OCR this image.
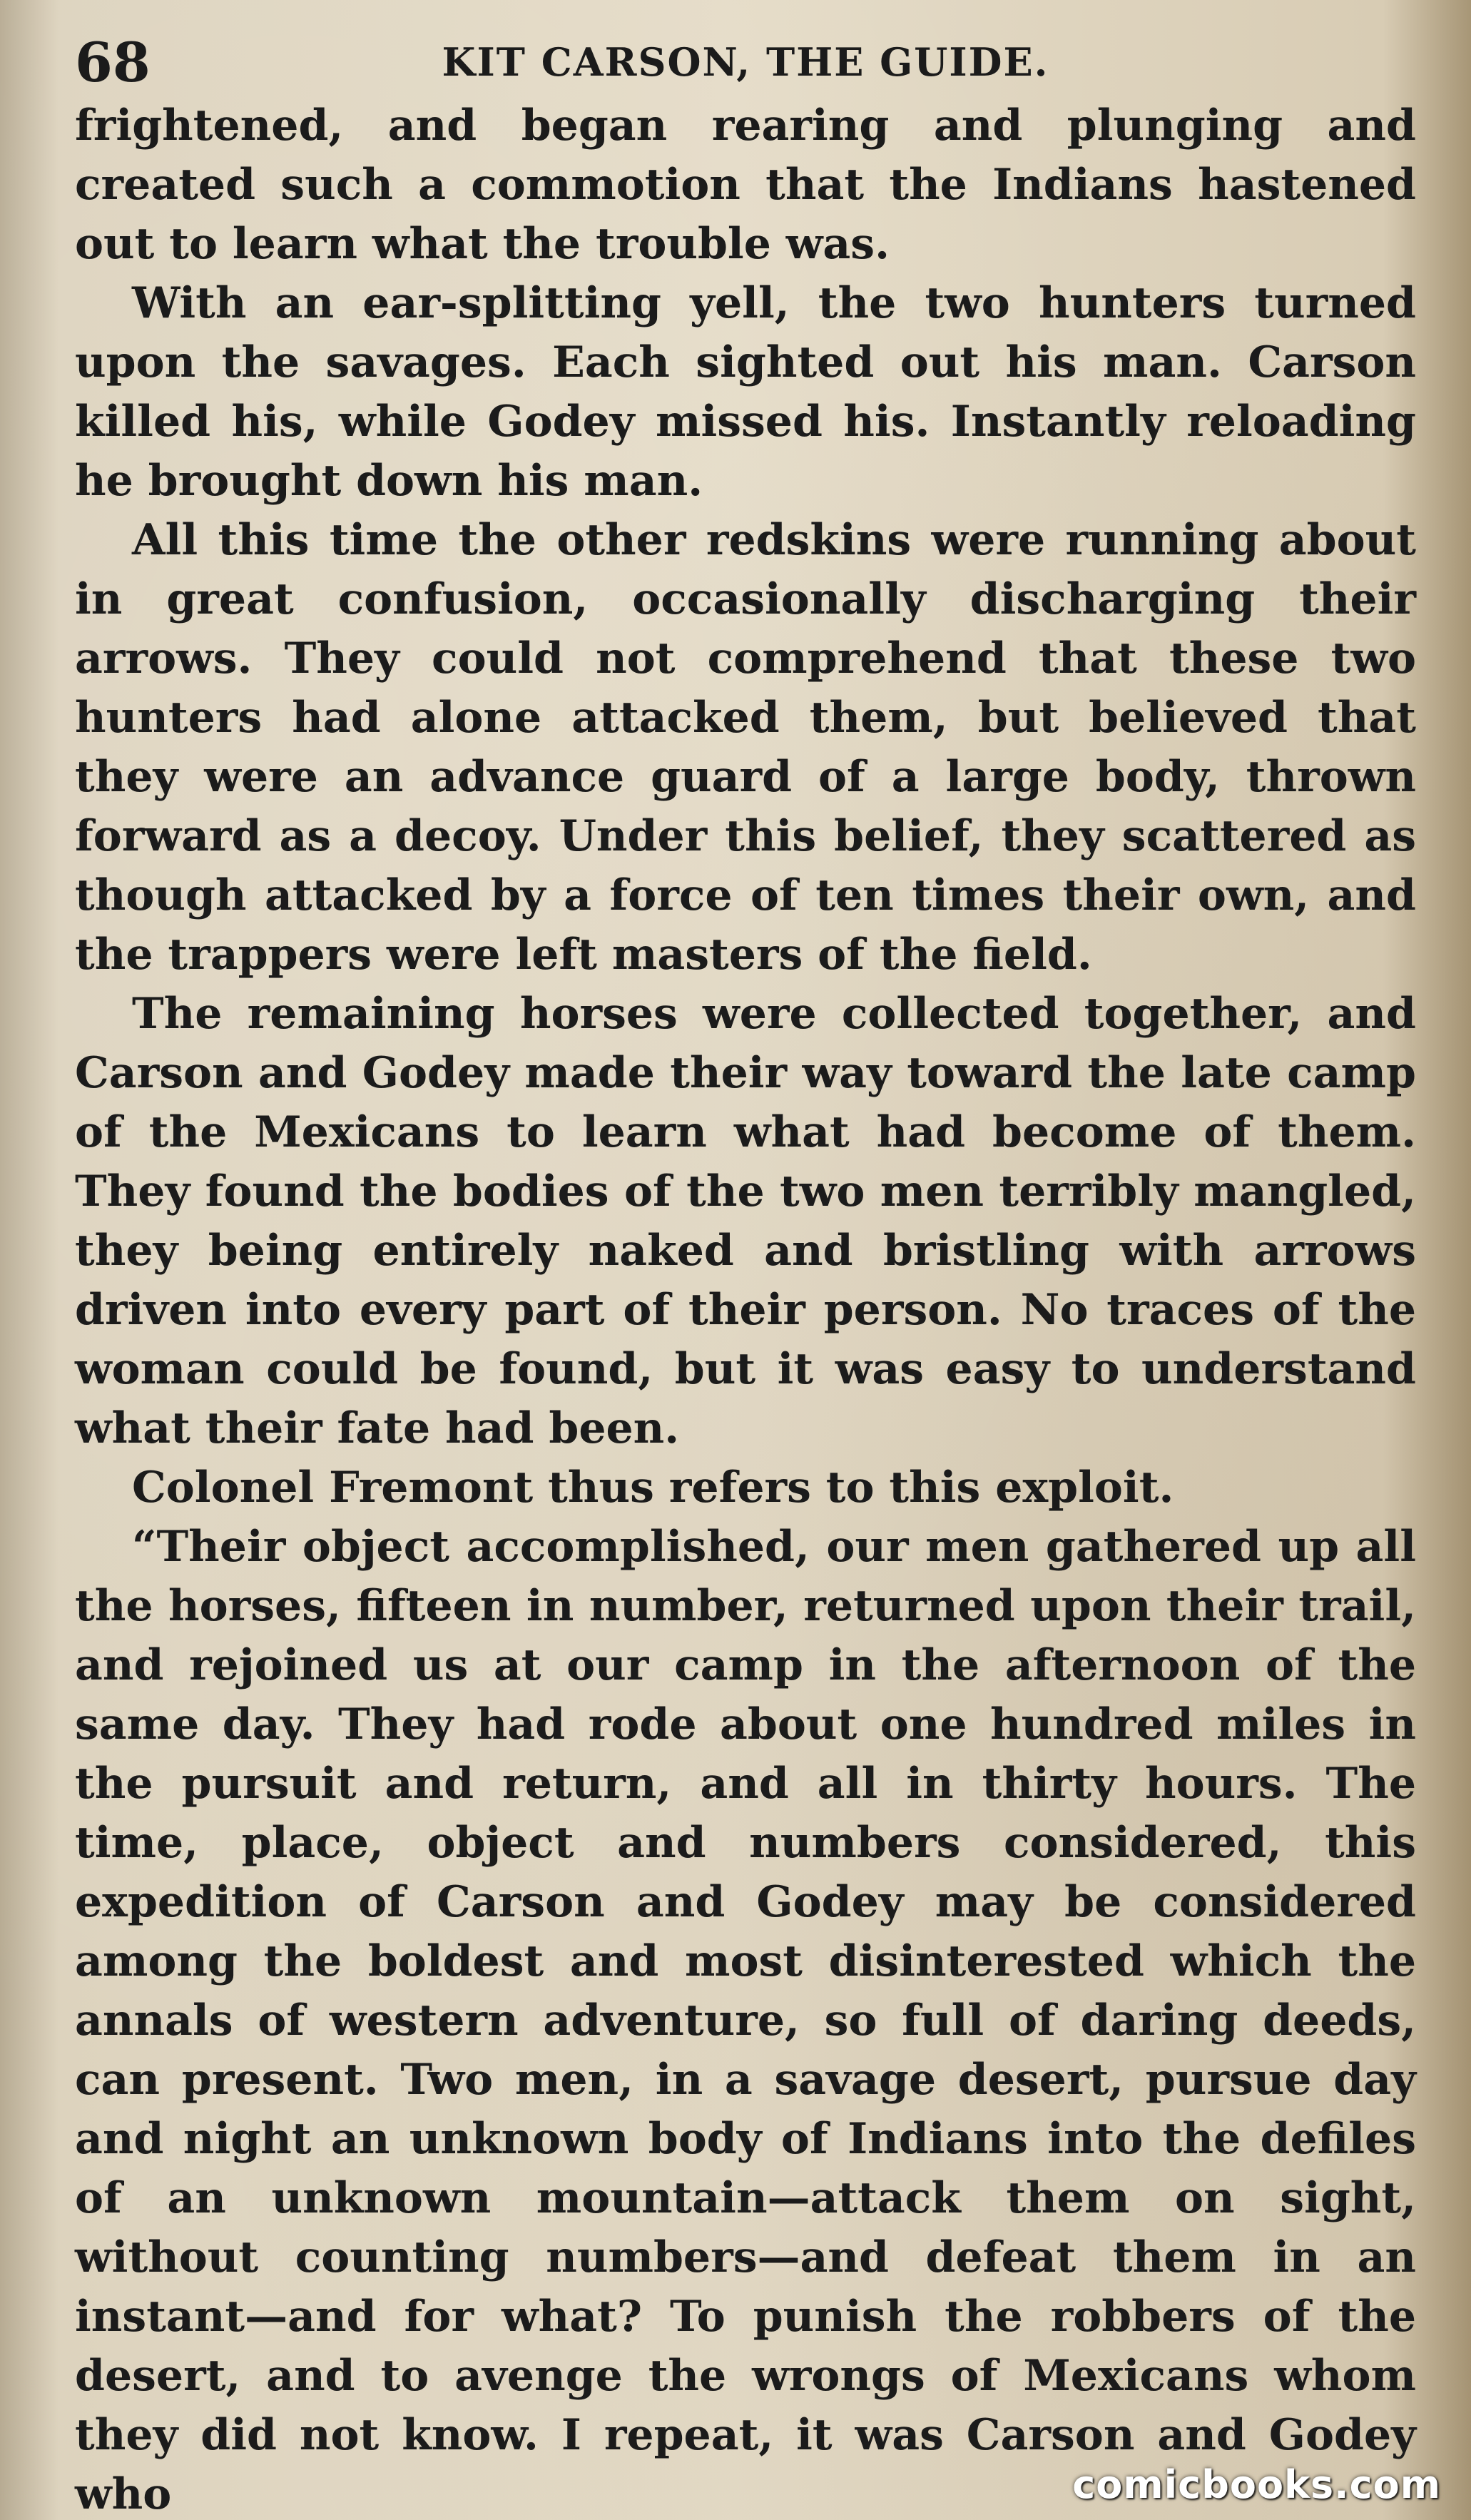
68	KIT CARSON, THE GUIDE.

frightened, and began rearing and plunging and created such a commotion that the Indians hastened out to learn what the trouble was.

With an ear-splitting yell, the two hunters turned upon the savages. Each sighted out his man. Carson killed his, while Godey missed his. Instantly reloading he brought down his man.

All this time the other redskins were running about in great confusion, occasionally discharging their arrows. They could not comprehend that these two hunters had alone attacked them, but believed that they were an advance guard of a large body, thrown forward as a decoy. Under this belief, they scattered as though attacked by a force of ten times their own, and the trappers were left masters of the field.

The remaining horses were collected together, and Carson and Godey made their way toward the late camp of the Mexicans to learn what had become of them. They found the bodies of the two men terribly mangled, they being entirely naked and bristling with arrows driven into every part of their person. No traces of the woman could be found, but it was easy to understand what their fate had been.

Colonel Fremont thus refers to this exploit.

“Their object accomplished, our men gathered up all the horses, fifteen in number, returned upon their trail, and rejoined us at our camp in the afternoon of the same day. They had rode about one hundred miles in the pursuit and return, and all in thirty hours. The time, place, object and numbers considered, this expedition of Carson and Godey may be considered among the boldest and most disinterested which the annals of western adventure, so full of daring deeds, can present. Two men, in a savage desert, pursue day and night an unknown body of Indians into the defiles of an unknown mountain—attack them on sight, without counting numbers—and defeat them in an instant—and for what? To punish the robbers of the desert, and to avenge the wrongs of Mexicans whom they did not know. I repeat, it was Carson and Godey who	comicbooks.com
